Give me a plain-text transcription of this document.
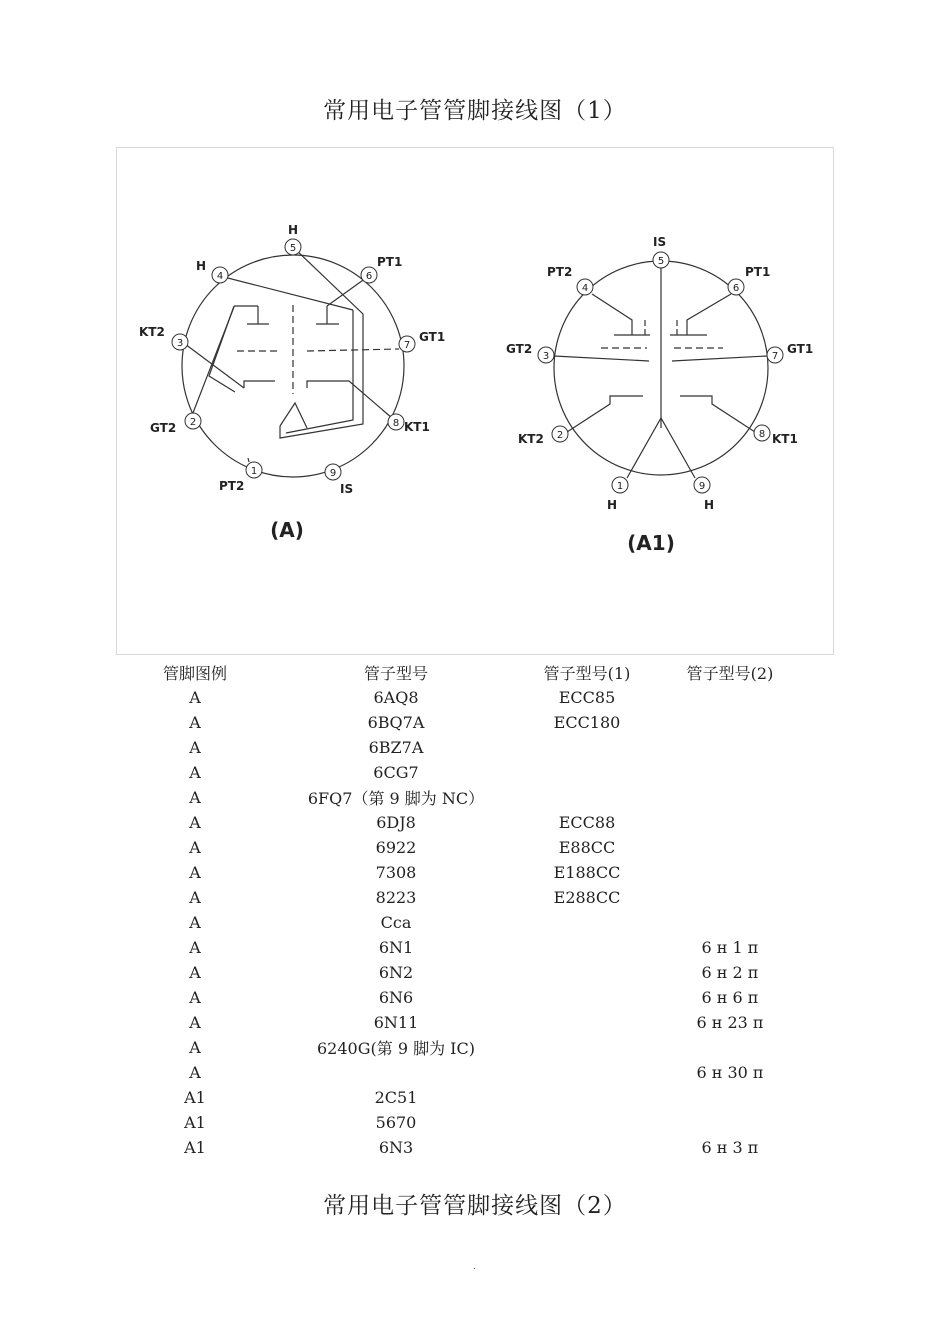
常用电子管管脚接线图（1）
1
2
3
4
5
6
7
8
9
PT2
GT2
KT2
H
H
PT1
GT1
KT1
IS
(A)
1
2
3
4
5
6
7
8
9
H
KT2
GT2
PT2
IS
PT1
GT1
KT1
H
(A1)
管脚图例	管子型号	管子型号(1)	管子型号(2)
A	6AQ8	ECC85	
A	6BQ7A	ECC180	
A	6BZ7A		
A	6CG7		
A	6FQ7（第 9 脚为 NC）		
A	6DJ8	ECC88	
A	6922	E88CC	
A	7308	E188CC	
A	8223	E288CC	
A	Cca		
A	6N1		6 н 1 п
A	6N2		6 н 2 п
A	6N6		6 н 6 п
A	6N11		6 н 23 п
A	6240G(第 9 脚为 IC)		
A			6 н 30 п
A1	2C51		
A1	5670		
A1	6N3		6 н 3 п
常用电子管管脚接线图（2）
.
